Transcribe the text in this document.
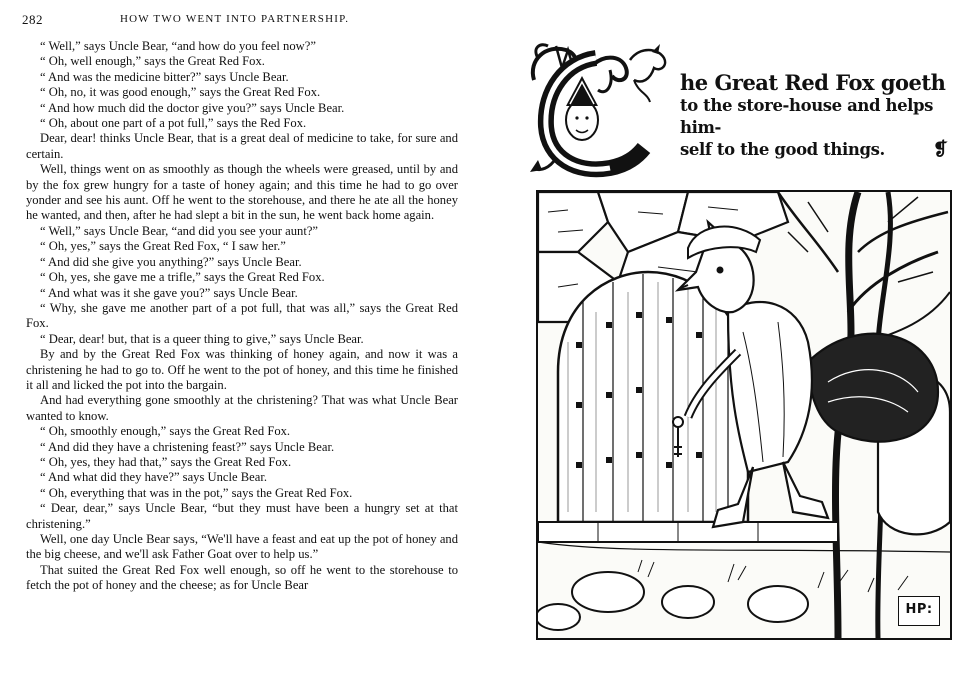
282	HOW TWO WENT INTO PARTNERSHIP.

“ Well,” says Uncle Bear, “and how do you feel now?”

“ Oh, well enough,” says the Great Red Fox.

“ And was the medicine bitter?” says Uncle Bear.

“ Oh, no, it was good enough,” says the Great Red Fox.

“ And how much did the doctor give you?” says Uncle Bear.

“ Oh, about one part of a pot full,” says the Red Fox.

Dear, dear! thinks Uncle Bear, that is a great deal of medicine to take, for sure and certain.

Well, things went on as smoothly as though the wheels were greased, until by and by the fox grew hungry for a taste of honey again; and this time he had to go over yonder and see his aunt. Off he went to the storehouse, and there he ate all the honey he wanted, and then, after he had slept a bit in the sun, he went back home again.

“ Well,” says Uncle Bear, “and did you see your aunt?”

“ Oh, yes,” says the Great Red Fox, “ I saw her.”

“ And did she give you anything?” says Uncle Bear.

“ Oh, yes, she gave me a trifle,” says the Great Red Fox.

“ And what was it she gave you?” says Uncle Bear.

“ Why, she gave me another part of a pot full, that was all,” says the Great Red Fox.

“ Dear, dear! but, that is a queer thing to give,” says Uncle Bear.

By and by the Great Red Fox was thinking of honey again, and now it was a christening he had to go to. Off he went to the pot of honey, and this time he finished it all and licked the pot into the bargain.

And had everything gone smoothly at the christening? That was what Uncle Bear wanted to know.

“ Oh, smoothly enough,” says the Great Red Fox.

“ And did they have a christening feast?” says Uncle Bear.

“ Oh, yes, they had that,” says the Great Red Fox.

“ And what did they have?” says Uncle Bear.

“ Oh, everything that was in the pot,” says the Great Red Fox.

“ Dear, dear,” says Uncle Bear, “but they must have been a hungry set at that christening.”

Well, one day Uncle Bear says, “We'll have a feast and eat up the pot of honey and the big cheese, and we'll ask Father Goat over to help us.”

That suited the Great Red Fox well enough, so off he went to the storehouse to fetch the pot of honey and the cheese; as for Uncle Bear

he Great Red Fox goeth
to the store-house and helps him-
self to the good things.	❡
HP:
